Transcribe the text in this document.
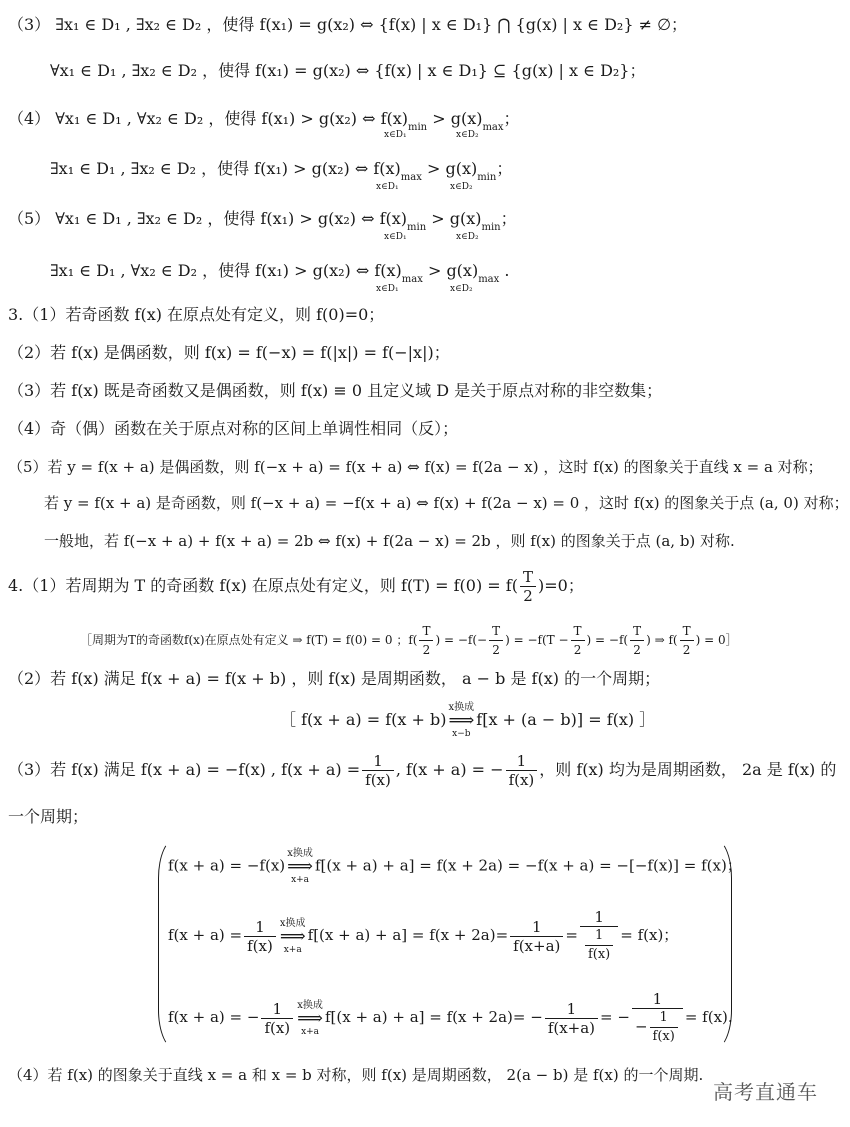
（3） ∃x₁ ∈ D₁ , ∃x₂ ∈ D₂ ，使得 f(x₁) = g(x₂) ⇔ {f(x) | x ∈ D₁} ⋂ {g(x) | x ∈ D₂} ≠ ∅；
∀x₁ ∈ D₁ , ∃x₂ ∈ D₂ ，使得 f(x₁) = g(x₂) ⇔ {f(x) | x ∈ D₁} ⊆ {g(x) | x ∈ D₂}；
（4） ∀x₁ ∈ D₁ , ∀x₂ ∈ D₂ ，使得 f(x₁) > g(x₂) ⇔ $f(x)_{min} > g(x)_{max}$；
x∈D₁	x∈D₂
∃x₁ ∈ D₁ , ∃x₂ ∈ D₂ ，使得 f(x₁) > g(x₂) ⇔ $f(x)_{max} > g(x)_{min}$；
x∈D₁	x∈D₂
（5） ∀x₁ ∈ D₁ , ∃x₂ ∈ D₂ ，使得 f(x₁) > g(x₂) ⇔ $f(x)_{min} > g(x)_{min}$；
x∈D₁	x∈D₂
∃x₁ ∈ D₁ , ∀x₂ ∈ D₂ ，使得 f(x₁) > g(x₂) ⇔ $f(x)_{max} > g(x)_{max}$ .
x∈D₁	x∈D₂
3.（1）若奇函数 f(x) 在原点处有定义，则 f(0)=0；
（2）若 f(x) 是偶函数，则 f(x) = f(−x) = f(|x|) = f(−|x|)；
（3）若 f(x) 既是奇函数又是偶函数，则 f(x) ≡ 0 且定义域 D 是关于原点对称的非空数集；
（4）奇（偶）函数在关于原点对称的区间上单调性相同（反）；
（5）若 y = f(x + a) 是偶函数，则 f(−x + a) = f(x + a) ⇔ f(x) = f(2a − x) ，这时 f(x) 的图象关于直线 x = a 对称；
若 y = f(x + a) 是奇函数，则 f(−x + a) = −f(x + a) ⇔ f(x) + f(2a − x) = 0 ，这时 f(x) 的图象关于点 (a, 0) 对称；
一般地，若 f(−x + a) + f(x + a) = 2b ⇔ f(x) + f(2a − x) = 2b ，则 f(x) 的图象关于点 (a, b) 对称.
4.（1）若周期为 T 的奇函数 f(x) 在原点处有定义，则 $f(T) = f(0) = f( \frac{T}{2} )=0$；
［周期为T的奇函数f(x)在原点处有定义 ⇒ f(T) = f(0) = 0 ；$f( \frac{T}{2}$ ) = $-f(- \frac{T}{2}$ ) = $-f(T - \frac{T}{2}$ ) = $-f( \frac{T}{2}$ ) ⇒ $f( \frac{T}{2}$ ) = 0］
（2）若 f(x) 满足 f(x + a) = f(x + b) ，则 f(x) 是周期函数， a − b 是 f(x) 的一个周期；
［ f(x + a) = f(x + b)
x换成
⟹
x−b
f[x + (a − b)] = f(x) ］
（3）若 f(x) 满足 f(x + a) = −f(x) , $f(x + a) = \frac{1}{f(x)}$ , f(x + a) = − $\frac{1}{f(x)}$ ，则 f(x) 均为是周期函数， 2a 是 f(x) 的
一个周期；
f(x + a) = −f(x)
x换成
⟹
x+a
f[(x + a) + a] = f(x + 2a) = −f(x + a) = −[−f(x)] = f(x)；
$f(x + a) = \frac{1}{f(x)}$ x换成
⟹
x+a
$f[(x + a) + a] = f(x + 2a)= \frac{1}{f(x+a)} = \frac{1}{\frac{1}{f(x)}} = f(x)$；
f(x + a) = − $\frac{1}{f(x)}$ x换成
⟹
x+a
$f[(x + a) + a] = f(x + 2a)= - \frac{1}{f(x+a)}$ = − $\frac{1}{- \frac{1}{f(x)}} = f(x)$.
（4）若 f(x) 的图象关于直线 x = a 和 x = b 对称，则 f(x) 是周期函数， 2(a − b) 是 f(x) 的一个周期.
高考直通车
